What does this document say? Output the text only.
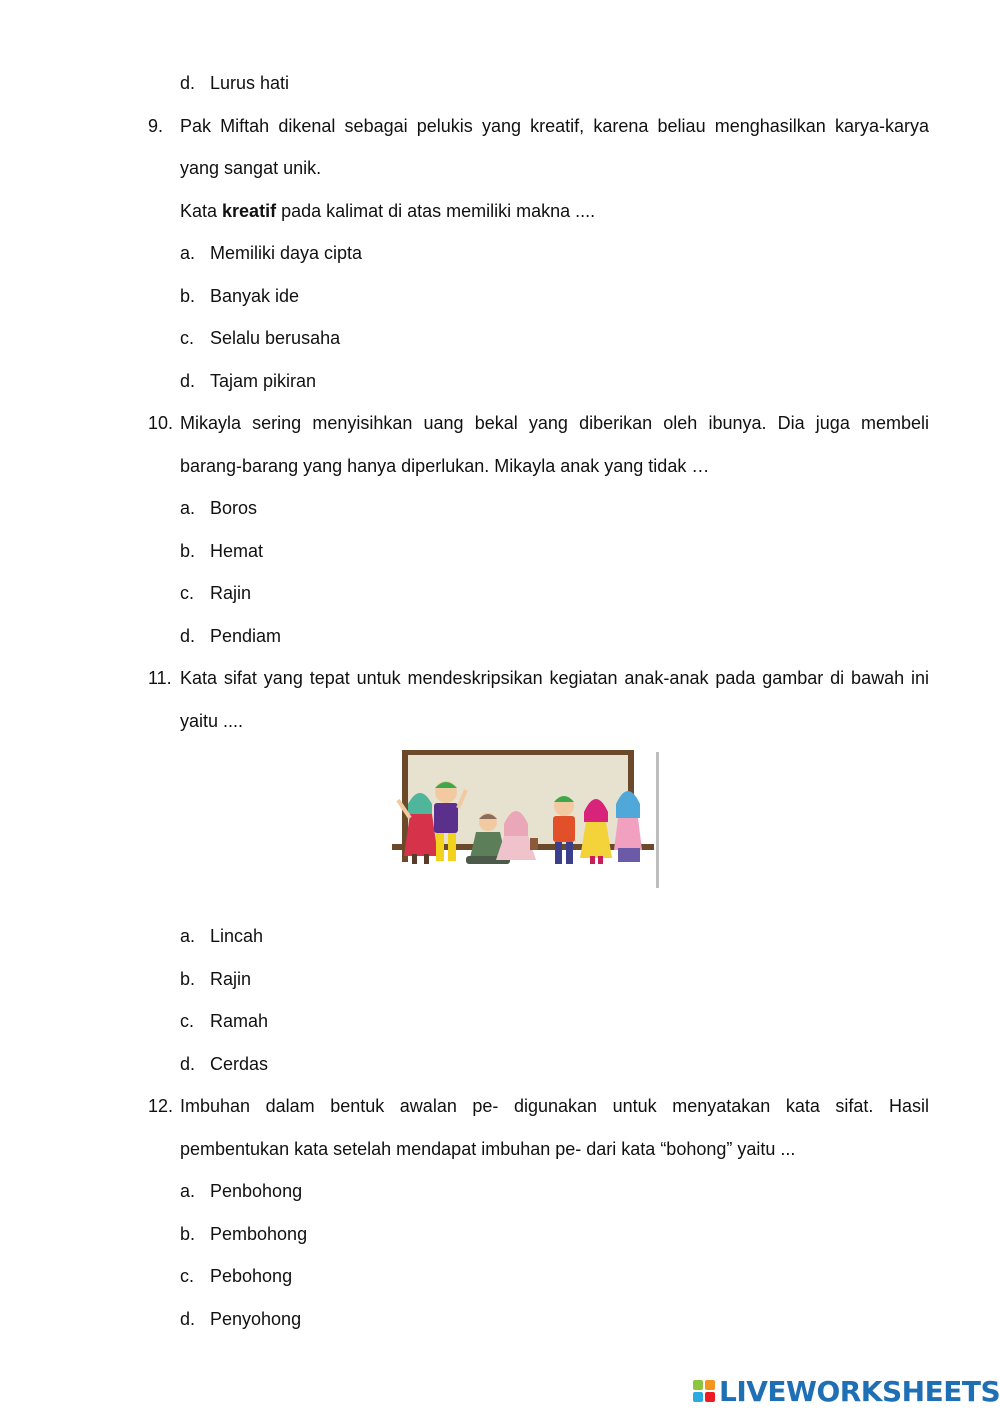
d. Lurus hati
9. Pak Miftah dikenal sebagai pelukis yang kreatif, karena beliau menghasilkan karya-karya
yang sangat unik.
Kata kreatif pada kalimat di atas memiliki makna ....
a. Memiliki daya cipta
b. Banyak ide
c. Selalu berusaha
d. Tajam pikiran
10. Mikayla sering menyisihkan uang bekal yang diberikan oleh ibunya. Dia juga membeli
barang-barang yang hanya diperlukan. Mikayla anak yang tidak …
a. Boros
b. Hemat
c. Rajin
d. Pendiam
11. Kata sifat yang tepat untuk mendeskripsikan kegiatan anak-anak pada gambar di bawah ini
yaitu ....
a. Lincah
b. Rajin
c. Ramah
d. Cerdas
12. Imbuhan dalam bentuk awalan pe- digunakan untuk menyatakan kata sifat. Hasil
pembentukan kata setelah mendapat imbuhan pe- dari kata “bohong” yaitu ...
a. Penbohong
b. Pembohong
c. Pebohong
d. Penyohong
LIVEWORKSHEETS
